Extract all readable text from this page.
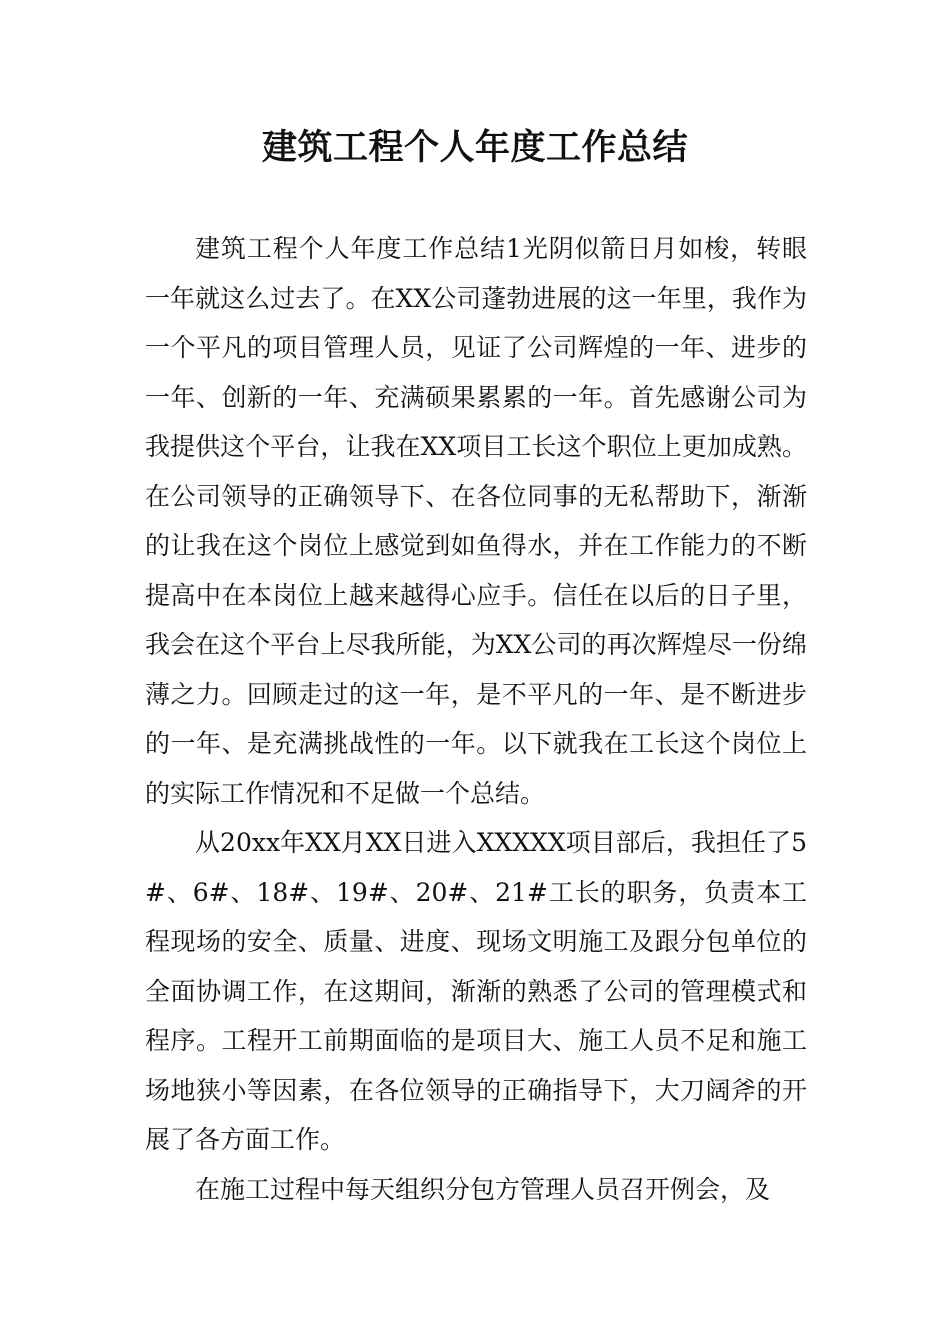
建筑工程个人年度工作总结

建筑工程个人年度工作总结1光阴似箭日月如梭，转眼一年就这么过去了。在XX公司蓬勃进展的这一年里，我作为一个平凡的项目管理人员，见证了公司辉煌的一年、进步的一年、创新的一年、充满硕果累累的一年。首先感谢公司为我提供这个平台，让我在XX项目工长这个职位上更加成熟。在公司领导的正确领导下、在各位同事的无私帮助下，渐渐的让我在这个岗位上感觉到如鱼得水，并在工作能力的不断提高中在本岗位上越来越得心应手。信任在以后的日子里，我会在这个平台上尽我所能，为XX公司的再次辉煌尽一份绵薄之力。回顾走过的这一年，是不平凡的一年、是不断进步的一年、是充满挑战性的一年。以下就我在工长这个岗位上的实际工作情况和不足做一个总结。

从20xx年XX月XX日进入XXXXX项目部后，我担任了5#、6#、18#、19#、20#、21#工长的职务，负责本工程现场的安全、质量、进度、现场文明施工及跟分包单位的全面协调工作，在这期间，渐渐的熟悉了公司的管理模式和程序。工程开工前期面临的是项目大、施工人员不足和施工场地狭小等因素，在各位领导的正确指导下，大刀阔斧的开展了各方面工作。

在施工过程中每天组织分包方管理人员召开例会，及
